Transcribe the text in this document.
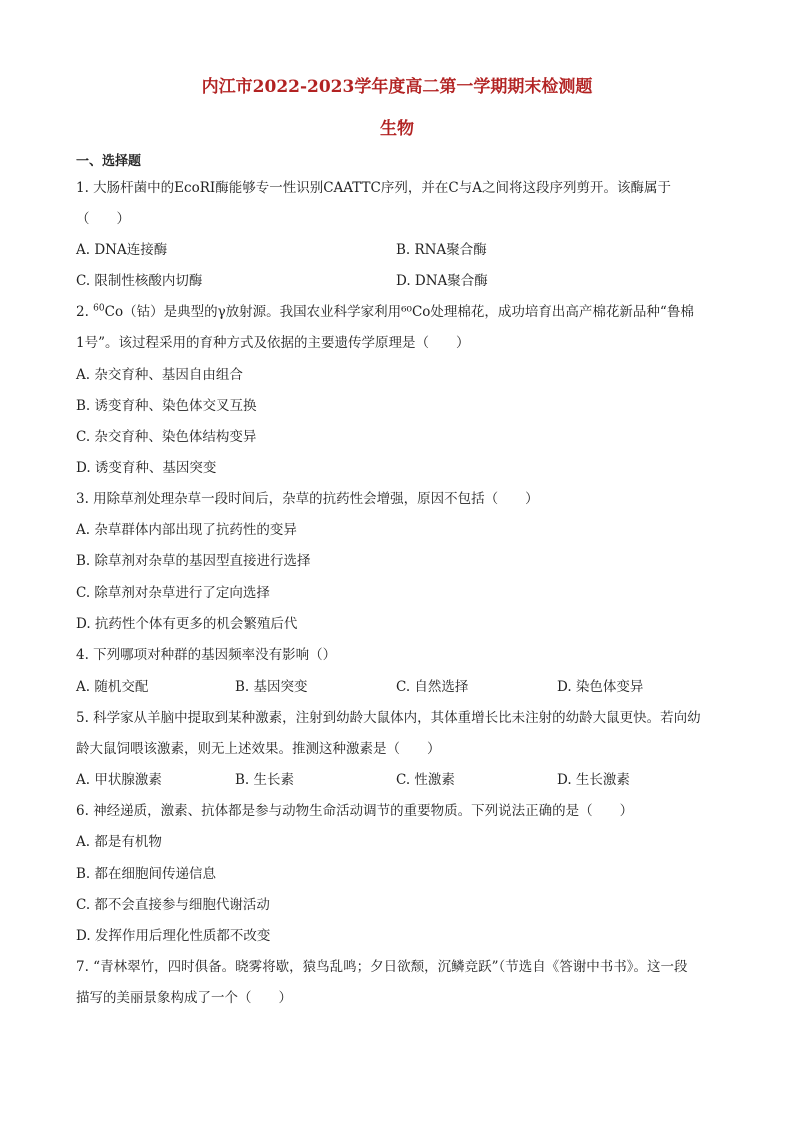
内江市2022-2023学年度高二第一学期期末检测题
生物
一、选择题
1. 大肠杆菌中的EcoRⅠ酶能够专一性识别CAATTC序列，并在C与A之间将这段序列剪开。该酶属于
（　　）
A. DNA连接酶	B. RNA聚合酶
C. 限制性核酸内切酶	D. DNA聚合酶
2. $^{60}$Co（钴）是典型的γ放射源。我国农业科学家利用⁶⁰Co处理棉花，成功培育出高产棉花新品种“鲁棉
1号”。该过程采用的育种方式及依据的主要遗传学原理是（　　）
A. 杂交育种、基因自由组合
B. 诱变育种、染色体交叉互换
C. 杂交育种、染色体结构变异
D. 诱变育种、基因突变
3. 用除草剂处理杂草一段时间后，杂草的抗药性会增强，原因不包括（　　）
A. 杂草群体内部出现了抗药性的变异
B. 除草剂对杂草的基因型直接进行选择
C. 除草剂对杂草进行了定向选择
D. 抗药性个体有更多的机会繁殖后代
4. 下列哪项对种群的基因频率没有影响（）
A. 随机交配	B. 基因突变	C. 自然选择	D. 染色体变异
5. 科学家从羊脑中提取到某种激素，注射到幼龄大鼠体内，其体重增长比未注射的幼龄大鼠更快。若向幼
龄大鼠饲喂该激素，则无上述效果。推测这种激素是（　　）
A. 甲状腺激素	B. 生长素	C. 性激素	D. 生长激素
6. 神经递质，激素、抗体都是参与动物生命活动调节的重要物质。下列说法正确的是（　　）
A. 都是有机物
B. 都在细胞间传递信息
C. 都不会直接参与细胞代谢活动
D. 发挥作用后理化性质都不改变
7. “青林翠竹，四时俱备。晓雾将歇，猿鸟乱鸣；夕日欲颓，沉鳞竞跃”（节选自《答谢中书书》。这一段
描写的美丽景象构成了一个（　　）
